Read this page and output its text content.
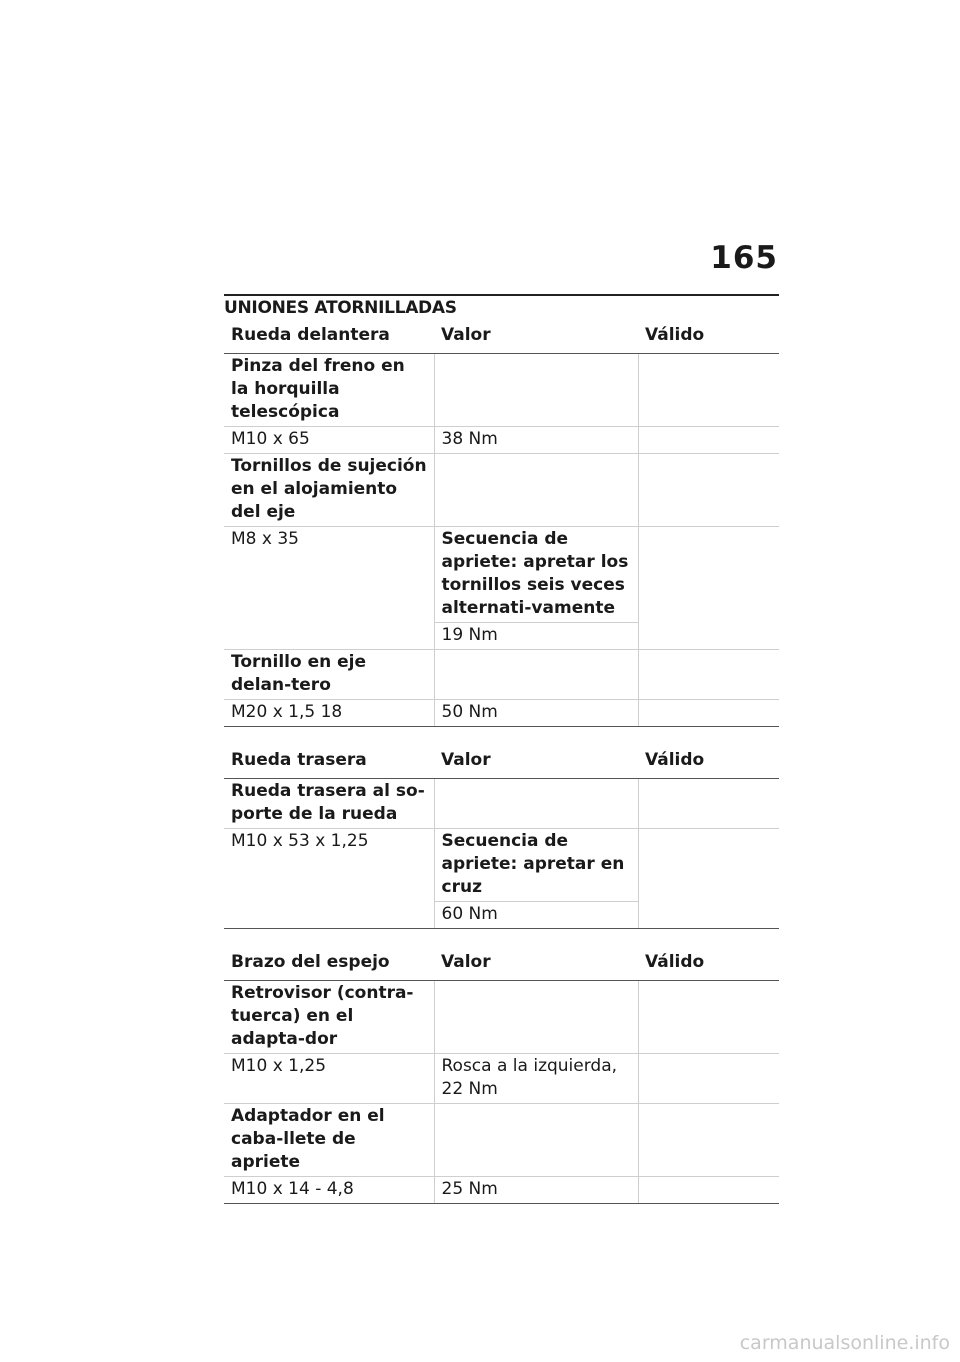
165
UNIONES ATORNILLADAS
Rueda delantera	Valor	Válido
Pinza del freno en la horquilla telescópica		
M10 x 65	38 Nm	
Tornillos de sujeción en el alojamiento del eje		
M8 x 35	Secuencia de apriete: apretar los tornillos seis veces alternati-vamente	
	19 Nm	
Tornillo en eje delan-tero		
M20 x 1,5 18	50 Nm	
Rueda trasera	Valor	Válido
Rueda trasera al so-porte de la rueda		
M10 x 53 x 1,25	Secuencia de apriete: apretar en cruz	
	60 Nm	
Brazo del espejo	Valor	Válido
Retrovisor (contra-tuerca) en el adapta-dor		
M10 x 1,25	Rosca a la izquierda, 22 Nm	
Adaptador en el caba-llete de apriete		
M10 x 14 - 4,8	25 Nm	
carmanualsonline.info
